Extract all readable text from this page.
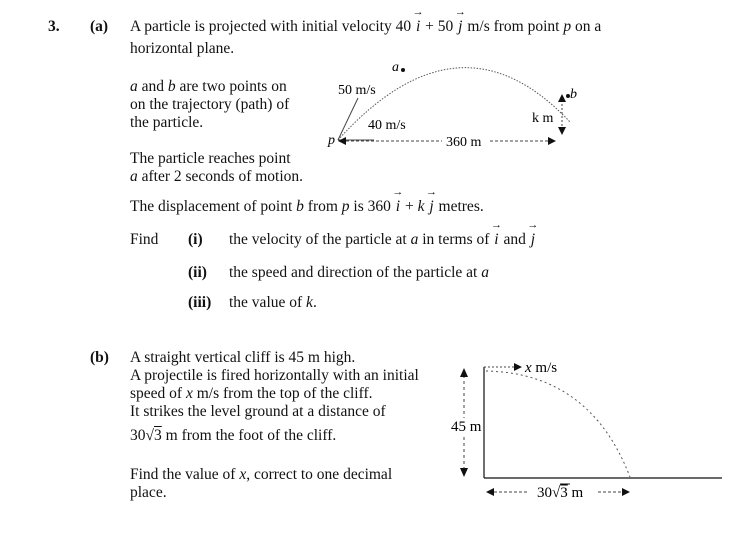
3. (a) A particle is projected with initial velocity 40 → i + 50 → j m/s from point p on a
horizontal plane.
a and b are two points on
on the trajectory (path) of
the particle.
a
b
p
50 m/s
40 m/s	k m
360 m
The particle reaches point
a after 2 seconds of motion.
The displacement of point b from p is 360 → i + k → j metres.
Find (i) the velocity of the particle at a in terms of → i and → j
(ii) the speed and direction of the particle at a
(iii) the value of k.
(b) A straight vertical cliff is 45 m high.
A projectile is fired horizontally with an initial
speed of x m/s from the top of the cliff.
It strikes the level ground at a distance of
30√3 m from the foot of the cliff.
Find the value of x, correct to one decimal
place.
x m/s
45 m
30√3 m
